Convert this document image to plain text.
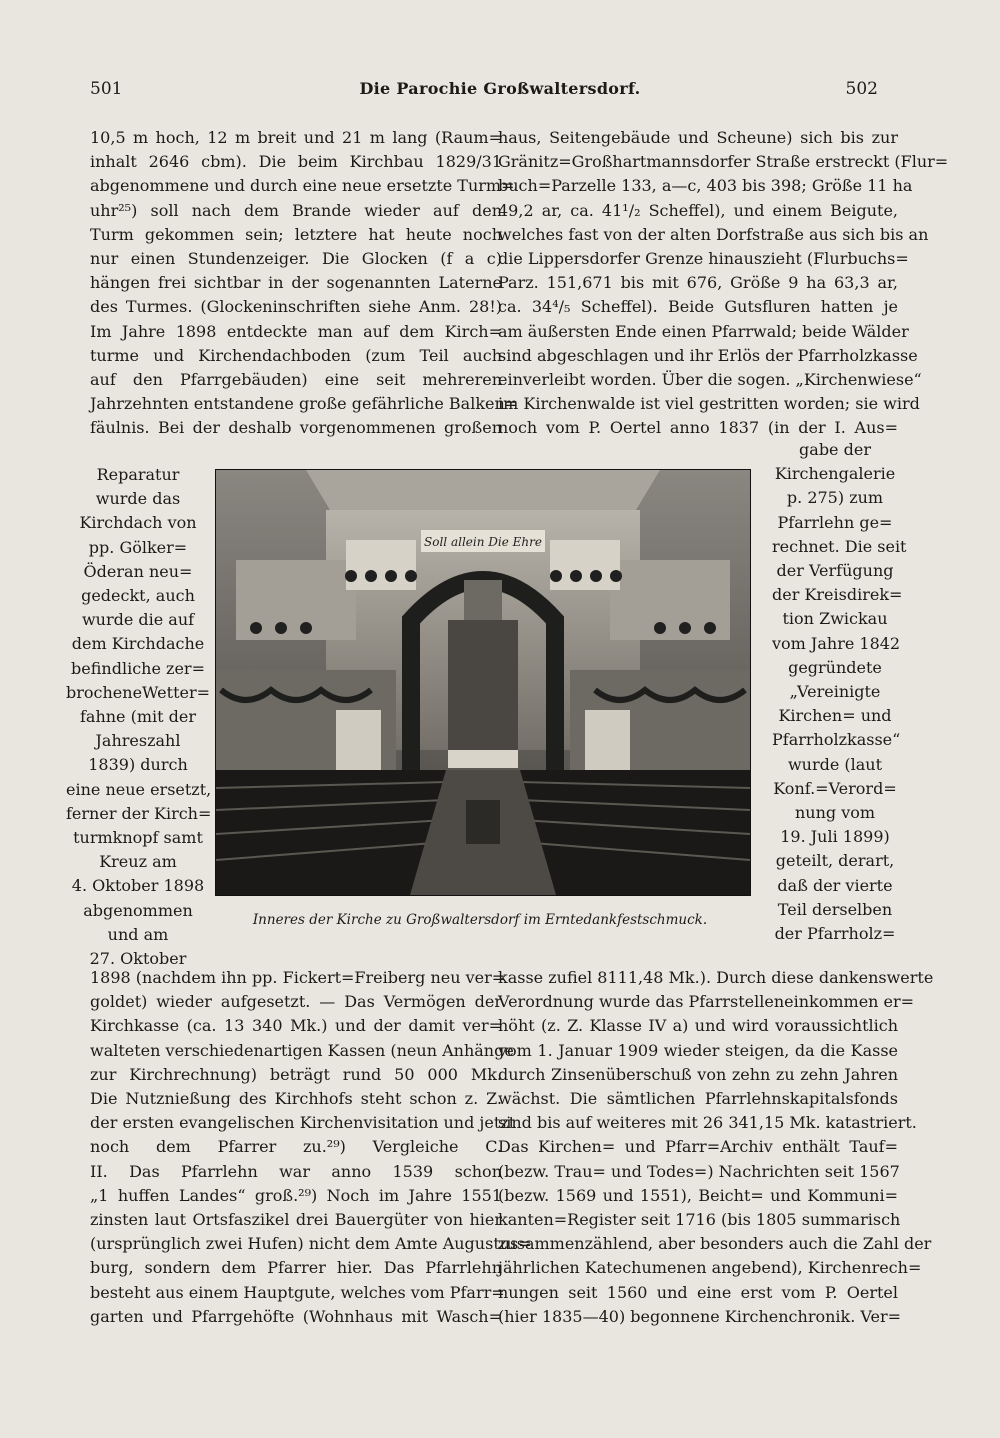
501	Die Parochie Großwaltersdorf.	502
10,5 m hoch, 12 m breit und 21 m lang (Raum=
inhalt 2646 cbm). Die beim Kirchbau 1829/31
abgenommene und durch eine neue ersetzte Turm=
uhr²⁵) soll nach dem Brande wieder auf den
Turm gekommen sein; letztere hat heute noch
nur einen Stundenzeiger. Die Glocken (f a c)
hängen frei sichtbar in der sogenannten Laterne
des Turmes. (Glockeninschriften siehe Anm. 28!)
Im Jahre 1898 entdeckte man auf dem Kirch=
turme und Kirchendachboden (zum Teil auch
auf den Pfarrgebäuden) eine seit mehreren
Jahrzehnten entstandene große gefährliche Balken=
fäulnis. Bei der deshalb vorgenommenen großen
Reparatur
wurde das
Kirchdach von
pp. Gölker=
Öderan neu=
gedeckt, auch
wurde die auf
dem Kirchdache
befindliche zer=
brocheneWetter=
fahne (mit der
Jahreszahl
1839) durch
eine neue ersetzt,
ferner der Kirch=
turmknopf samt
Kreuz am
4. Oktober 1898
abgenommen
und am
27. Oktober
1898 (nachdem ihn pp. Fickert=Freiberg neu ver=
goldet) wieder aufgesetzt. — Das Vermögen der
Kirchkasse (ca. 13 340 Mk.) und der damit ver=
walteten verschiedenartigen Kassen (neun Anhänge
zur Kirchrechnung) beträgt rund 50 000 Mk.
Die Nutznießung des Kirchhofs steht schon z. Z.
der ersten evangelischen Kirchenvisitation und jetzt
noch dem Pfarrer zu.²⁹) Vergleiche C.
II. Das Pfarrlehn war anno 1539 schon
„1 huffen Landes“ groß.²⁹) Noch im Jahre 1551
zinsten laut Ortsfaszikel drei Bauergüter von hier
(ursprünglich zwei Hufen) nicht dem Amte Augustus=
burg, sondern dem Pfarrer hier. Das Pfarrlehn
besteht aus einem Hauptgute, welches vom Pfarr=
garten und Pfarrgehöfte (Wohnhaus mit Wasch=
haus, Seitengebäude und Scheune) sich bis zur
Gränitz=Großhartmannsdorfer Straße erstreckt (Flur=
buch=Parzelle 133, a—c, 403 bis 398; Größe 11 ha
49,2 ar, ca. 41¹/₂ Scheffel), und einem Beigute,
welches fast von der alten Dorfstraße aus sich bis an
die Lippersdorfer Grenze hinauszieht (Flurbuchs=
Parz. 151,671 bis mit 676, Größe 9 ha 63,3 ar,
ca. 34⁴/₅ Scheffel). Beide Gutsfluren hatten je
am äußersten Ende einen Pfarrwald; beide Wälder
sind abgeschlagen und ihr Erlös der Pfarrholzkasse
einverleibt worden. Über die sogen. „Kirchenwiese“
im Kirchenwalde ist viel gestritten worden; sie wird
noch vom P. Oertel anno 1837 (in der I. Aus=
gabe der
Kirchengalerie
p. 275) zum
Pfarrlehn ge=
rechnet. Die seit
der Verfügung
der Kreisdirek=
tion Zwickau
vom Jahre 1842
gegründete
„Vereinigte
Kirchen= und
Pfarrholzkasse“
wurde (laut
Konf.=Verord=
nung vom
19. Juli 1899)
geteilt, derart,
daß der vierte
Teil derselben
der Pfarrholz=
kasse zufiel 8111,48 Mk.). Durch diese dankenswerte
Verordnung wurde das Pfarrstelleneinkommen er=
höht (z. Z. Klasse IV a) und wird voraussichtlich
vom 1. Januar 1909 wieder steigen, da die Kasse
durch Zinsenüberschuß von zehn zu zehn Jahren
wächst. Die sämtlichen Pfarrlehnskapitalsfonds
sind bis auf weiteres mit 26 341,15 Mk. katastriert.
Das Kirchen= und Pfarr=Archiv enthält Tauf=
(bezw. Trau= und Todes=) Nachrichten seit 1567
(bezw. 1569 und 1551), Beicht= und Kommuni=
kanten=Register seit 1716 (bis 1805 summarisch
zusammenzählend, aber besonders auch die Zahl der
jährlichen Katechumenen angebend), Kirchenrech=
nungen seit 1560 und eine erst vom P. Oertel
(hier 1835—40) begonnene Kirchenchronik. Ver=
Soll allein Die Ehre
Inneres der Kirche zu Großwaltersdorf im Erntedankfestschmuck.
